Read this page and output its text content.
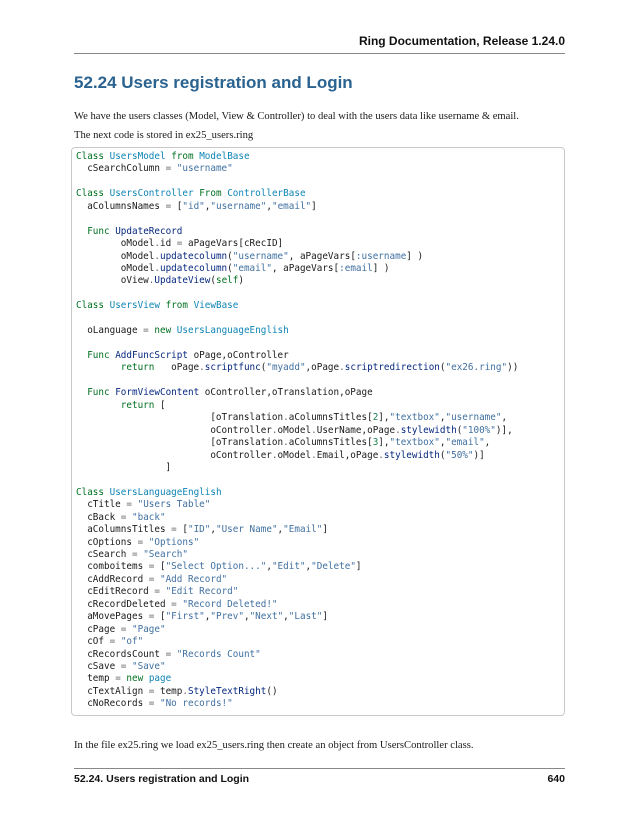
Ring Documentation, Release 1.24.0
52.24 Users registration and Login

We have the users classes (Model, View & Controller) to deal with the users data like username & email.

The next code is stored in ex25_users.ring

Class UsersModel from ModelBase
cSearchColumn = "username"

Class UsersController From ControllerBase
aColumnsNames = ["id","username","email"]

Func UpdateRecord
oModel.id = aPageVars[cRecID]
oModel.updatecolumn("username", aPageVars[:username] )
oModel.updatecolumn("email", aPageVars[:email] )
oView.UpdateView(self)

Class UsersView from ViewBase

oLanguage = new UsersLanguageEnglish

Func AddFuncScript oPage,oController
return   oPage.scriptfunc("myadd",oPage.scriptredirection("ex26.ring"))

Func FormViewContent oController,oTranslation,oPage
return [
[oTranslation.aColumnsTitles[2],"textbox","username",
oController.oModel.UserName,oPage.stylewidth("100%")],
[oTranslation.aColumnsTitles[3],"textbox","email",
oController.oModel.Email,oPage.stylewidth("50%")]
]

Class UsersLanguageEnglish
cTitle = "Users Table"
cBack = "back"
aColumnsTitles = ["ID","User Name","Email"]
cOptions = "Options"
cSearch = "Search"
comboitems = ["Select Option...","Edit","Delete"]
cAddRecord = "Add Record"
cEditRecord = "Edit Record"
cRecordDeleted = "Record Deleted!"
aMovePages = ["First","Prev","Next","Last"]
cPage = "Page"
cOf = "of"
cRecordsCount = "Records Count"
cSave = "Save"
temp = new page
cTextAlign = temp.StyleTextRight()
cNoRecords = "No records!"

In the file ex25.ring we load ex25_users.ring then create an object from UsersController class.

52.24. Users registration and Login	640
